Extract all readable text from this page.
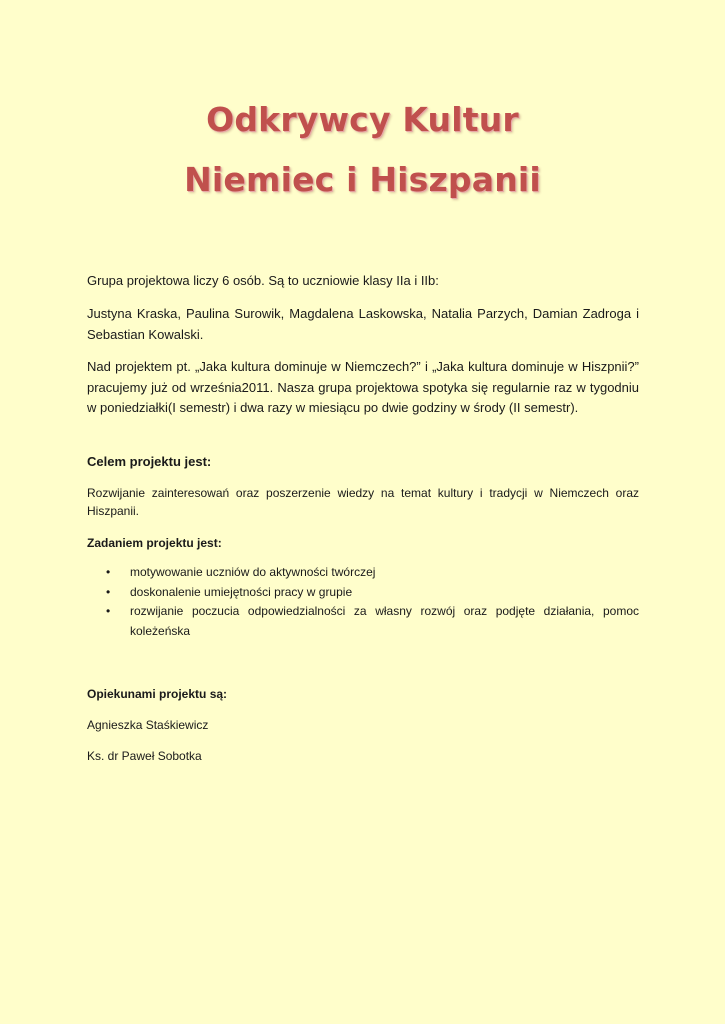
Odkrywcy Kultur
Niemiec i Hiszpanii

Grupa projektowa liczy 6 osób. Są to uczniowie klasy IIa i IIb:

Justyna Kraska, Paulina Surowik, Magdalena Laskowska, Natalia Parzych, Damian Zadroga i Sebastian Kowalski.

Nad projektem pt. „Jaka kultura dominuje w Niemczech?” i „Jaka kultura dominuje w Hiszpnii?” pracujemy już od września2011. Nasza grupa projektowa spotyka się regularnie raz w tygodniu w poniedziałki(I semestr) i dwa razy w miesiącu po dwie godziny w środy (II semestr).

Celem projektu jest:

Rozwijanie zainteresowań oraz poszerzenie wiedzy na temat kultury i tradycji w Niemczech oraz Hiszpanii.

Zadaniem projektu jest:

• motywowanie uczniów do aktywności twórczej
• doskonalenie umiejętności pracy w grupie
• rozwijanie poczucia odpowiedzialności za własny rozwój oraz podjęte działania, pomoc koleżeńska

Opiekunami projektu są:

Agnieszka Staśkiewicz

Ks. dr Paweł Sobotka
